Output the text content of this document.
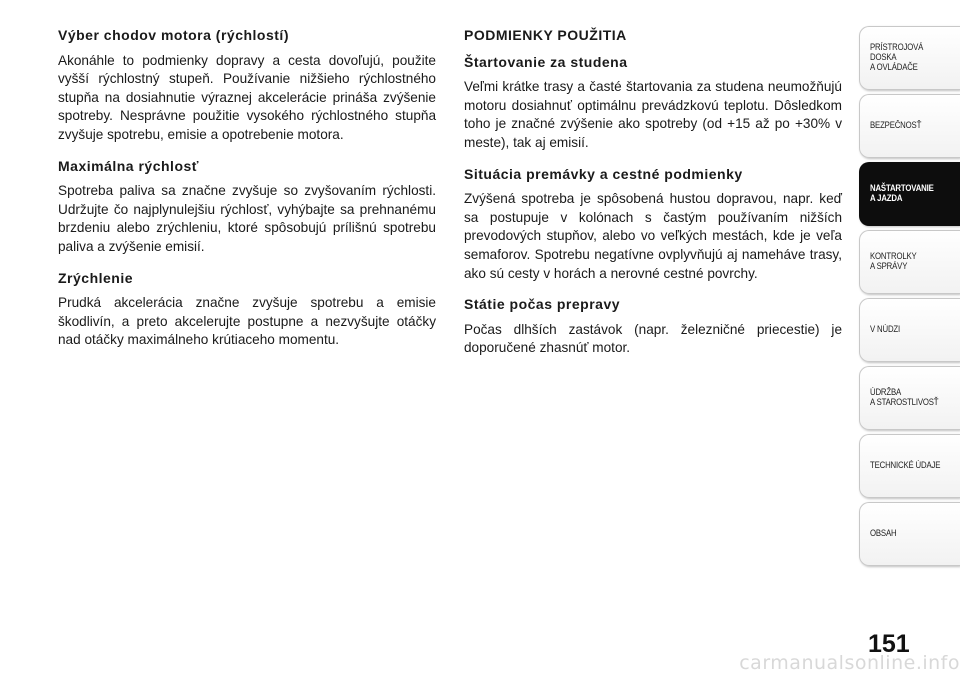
Výber chodov motora (rýchlostí)

Akonáhle to podmienky dopravy a cesta dovoľujú, použite vyšší rýchlostný stupeň. Používanie nižšieho rýchlostného stupňa na dosiahnutie výraznej akcelerácie prináša zvýšenie spotreby. Nesprávne použitie vysokého rýchlostného stupňa zvyšuje spotrebu, emisie a opotrebenie motora.

Maximálna rýchlosť

Spotreba paliva sa značne zvyšuje so zvyšovaním rýchlosti. Udržujte čo najplynulejšiu rýchlosť, vyhýbajte sa prehnanému brzdeniu alebo zrýchleniu, ktoré spôsobujú prílišnú spotrebu paliva a zvýšenie emisií.

Zrýchlenie

Prudká akcelerácia značne zvyšuje spotrebu a emisie škodlivín, a preto akcelerujte postupne a nezvyšujte otáčky nad otáčky maximálneho krútiaceho momentu.

PODMIENKY POUŽITIA
Štartovanie za studena

Veľmi krátke trasy a časté štartovania za studena neumožňujú motoru dosiahnuť optimálnu prevádzkovú teplotu. Dôsledkom toho je značné zvýšenie ako spotreby (od +15 až po +30% v meste), tak aj emisií.

Situácia premávky a cestné podmienky

Zvýšená spotreba je spôsobená hustou dopravou, napr. keď sa postupuje v kolónach s častým používaním nižších prevodových stupňov, alebo vo veľkých mestách, kde je veľa semaforov. Spotrebu negatívne ovplyvňujú aj nameháve trasy, ako sú cesty v horách a nerovné cestné povrchy.

Státie počas prepravy

Počas dlhších zastávok (napr. železničné priecestie) je doporučené zhasnúť motor.

PRÍSTROJOVÁ
DOSKA
A OVLÁDAČE
BEZPEČNOSŤ
NAŠTARTOVANIE
A JAZDA
KONTROLKY
A SPRÁVY
V NÚDZI
ÚDRŽBA
A STAROSTLIVOSŤ
TECHNICKÉ ÚDAJE
OBSAH
151
carmanualsonline.info
